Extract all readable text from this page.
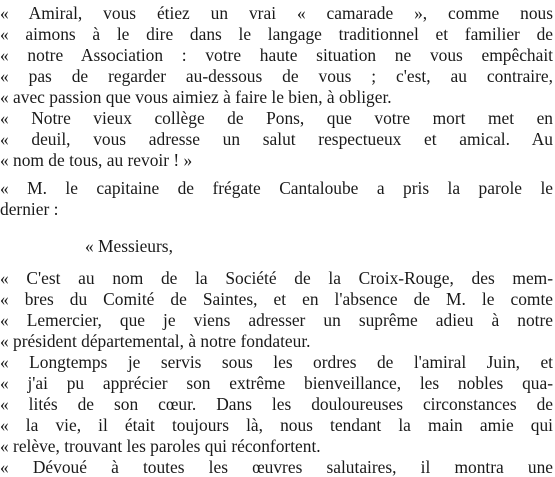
« Amiral, vous étiez un vrai « camarade », comme nous
« aimons à le dire dans le langage traditionnel et familier de
« notre Association : votre haute situation ne vous empêchait
« pas de regarder au-dessous de vous ; c'est, au contraire,
« avec passion que vous aimiez à faire le bien, à obliger.
« Notre vieux collège de Pons, que votre mort met en
« deuil, vous adresse un salut respectueux et amical. Au
« nom de tous, au revoir ! »
« M. le capitaine de frégate Cantaloube a pris la parole le
dernier :
« Messieurs,
« C'est au nom de la Société de la Croix-Rouge, des mem-
« bres du Comité de Saintes, et en l'absence de M. le comte
« Lemercier, que je viens adresser un suprême adieu à notre
« président départemental, à notre fondateur.
« Longtemps je servis sous les ordres de l'amiral Juin, et
« j'ai pu apprécier son extrême bienveillance, les nobles qua-
« lités de son cœur. Dans les douloureuses circonstances de
« la vie, il était toujours là, nous tendant la main amie qui
« relève, trouvant les paroles qui réconfortent.
« Dévoué à toutes les œuvres salutaires, il montra une
